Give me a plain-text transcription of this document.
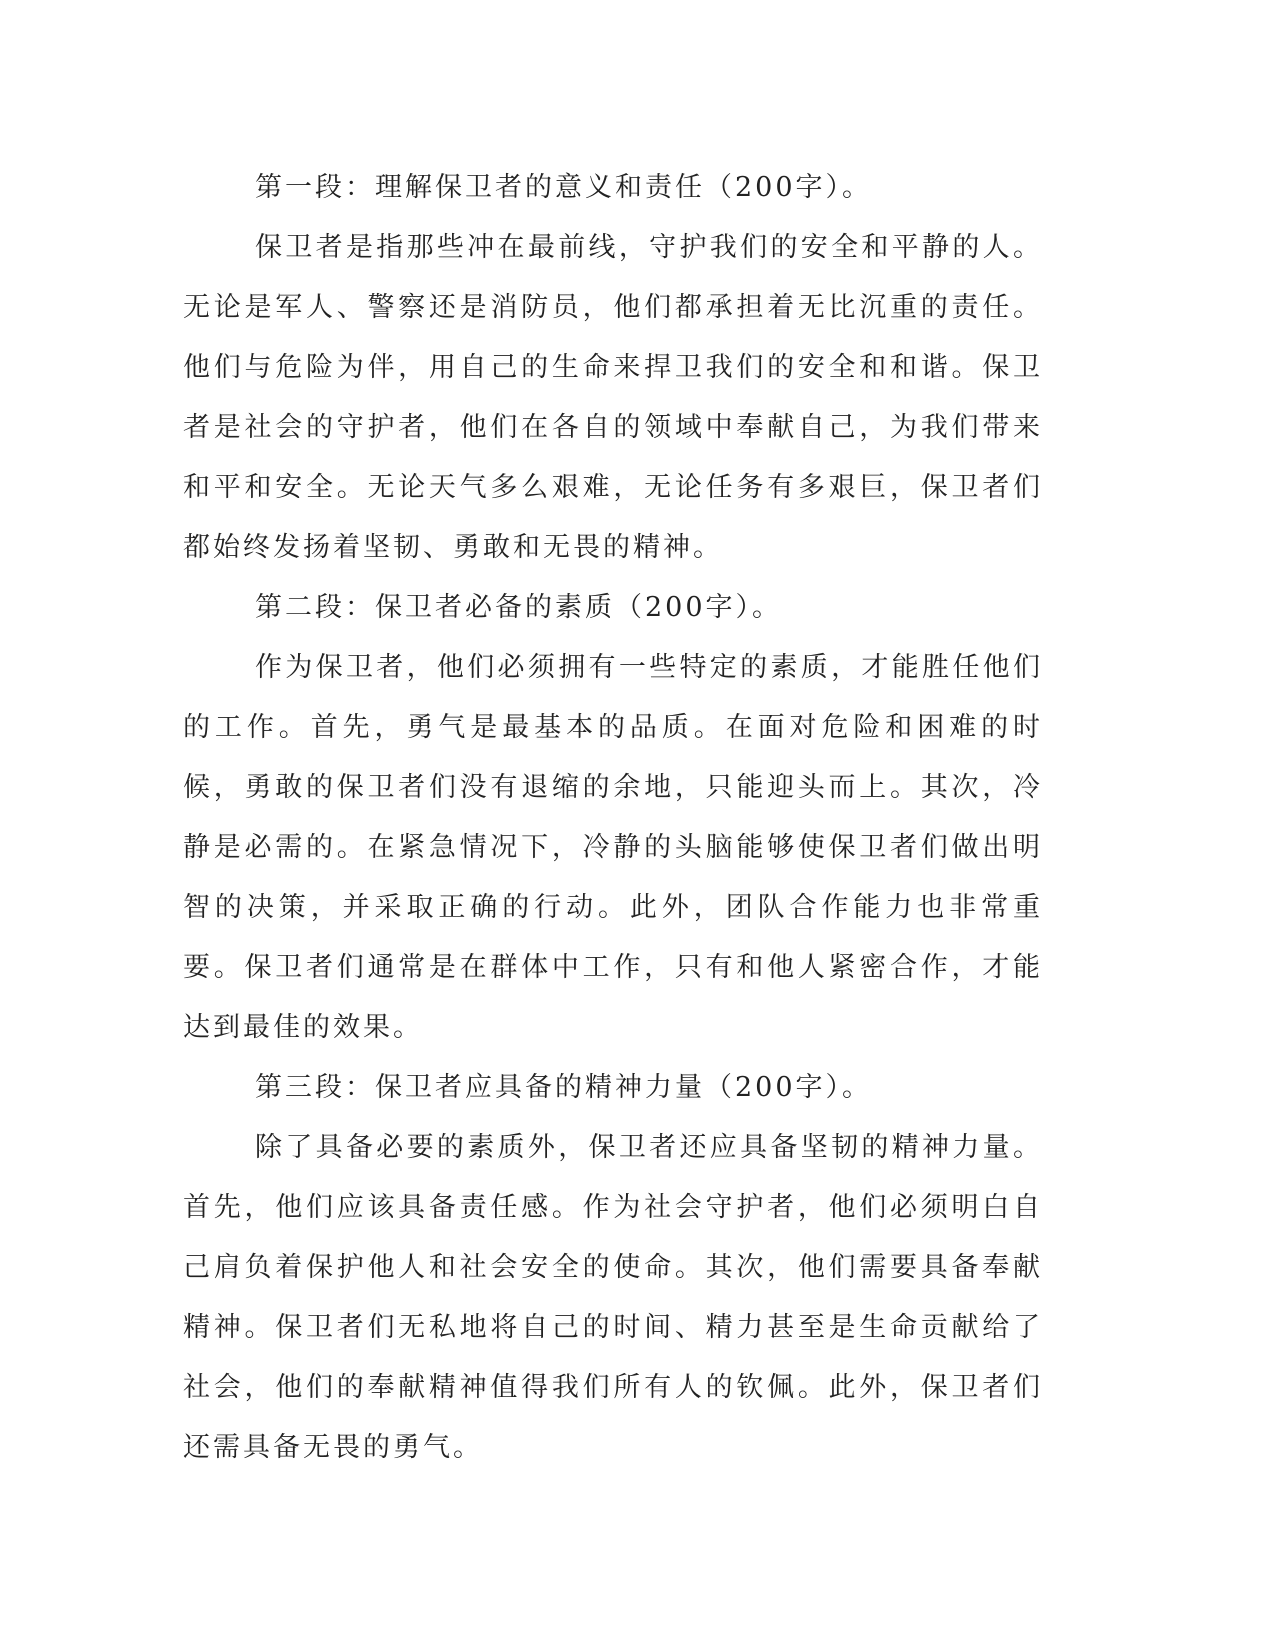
第一段：理解保卫者的意义和责任（200字）。

保卫者是指那些冲在最前线，守护我们的安全和平静的人。无论是军人、警察还是消防员，他们都承担着无比沉重的责任。他们与危险为伴，用自己的生命来捍卫我们的安全和和谐。保卫者是社会的守护者，他们在各自的领域中奉献自己，为我们带来和平和安全。无论天气多么艰难，无论任务有多艰巨，保卫者们都始终发扬着坚韧、勇敢和无畏的精神。

第二段：保卫者必备的素质（200字）。

作为保卫者，他们必须拥有一些特定的素质，才能胜任他们的工作。首先，勇气是最基本的品质。在面对危险和困难的时候，勇敢的保卫者们没有退缩的余地，只能迎头而上。其次，冷静是必需的。在紧急情况下，冷静的头脑能够使保卫者们做出明智的决策，并采取正确的行动。此外，团队合作能力也非常重要。保卫者们通常是在群体中工作，只有和他人紧密合作，才能达到最佳的效果。

第三段：保卫者应具备的精神力量（200字）。

除了具备必要的素质外，保卫者还应具备坚韧的精神力量。首先，他们应该具备责任感。作为社会守护者，他们必须明白自己肩负着保护他人和社会安全的使命。其次，他们需要具备奉献精神。保卫者们无私地将自己的时间、精力甚至是生命贡献给了社会，他们的奉献精神值得我们所有人的钦佩。此外，保卫者们还需具备无畏的勇气。
